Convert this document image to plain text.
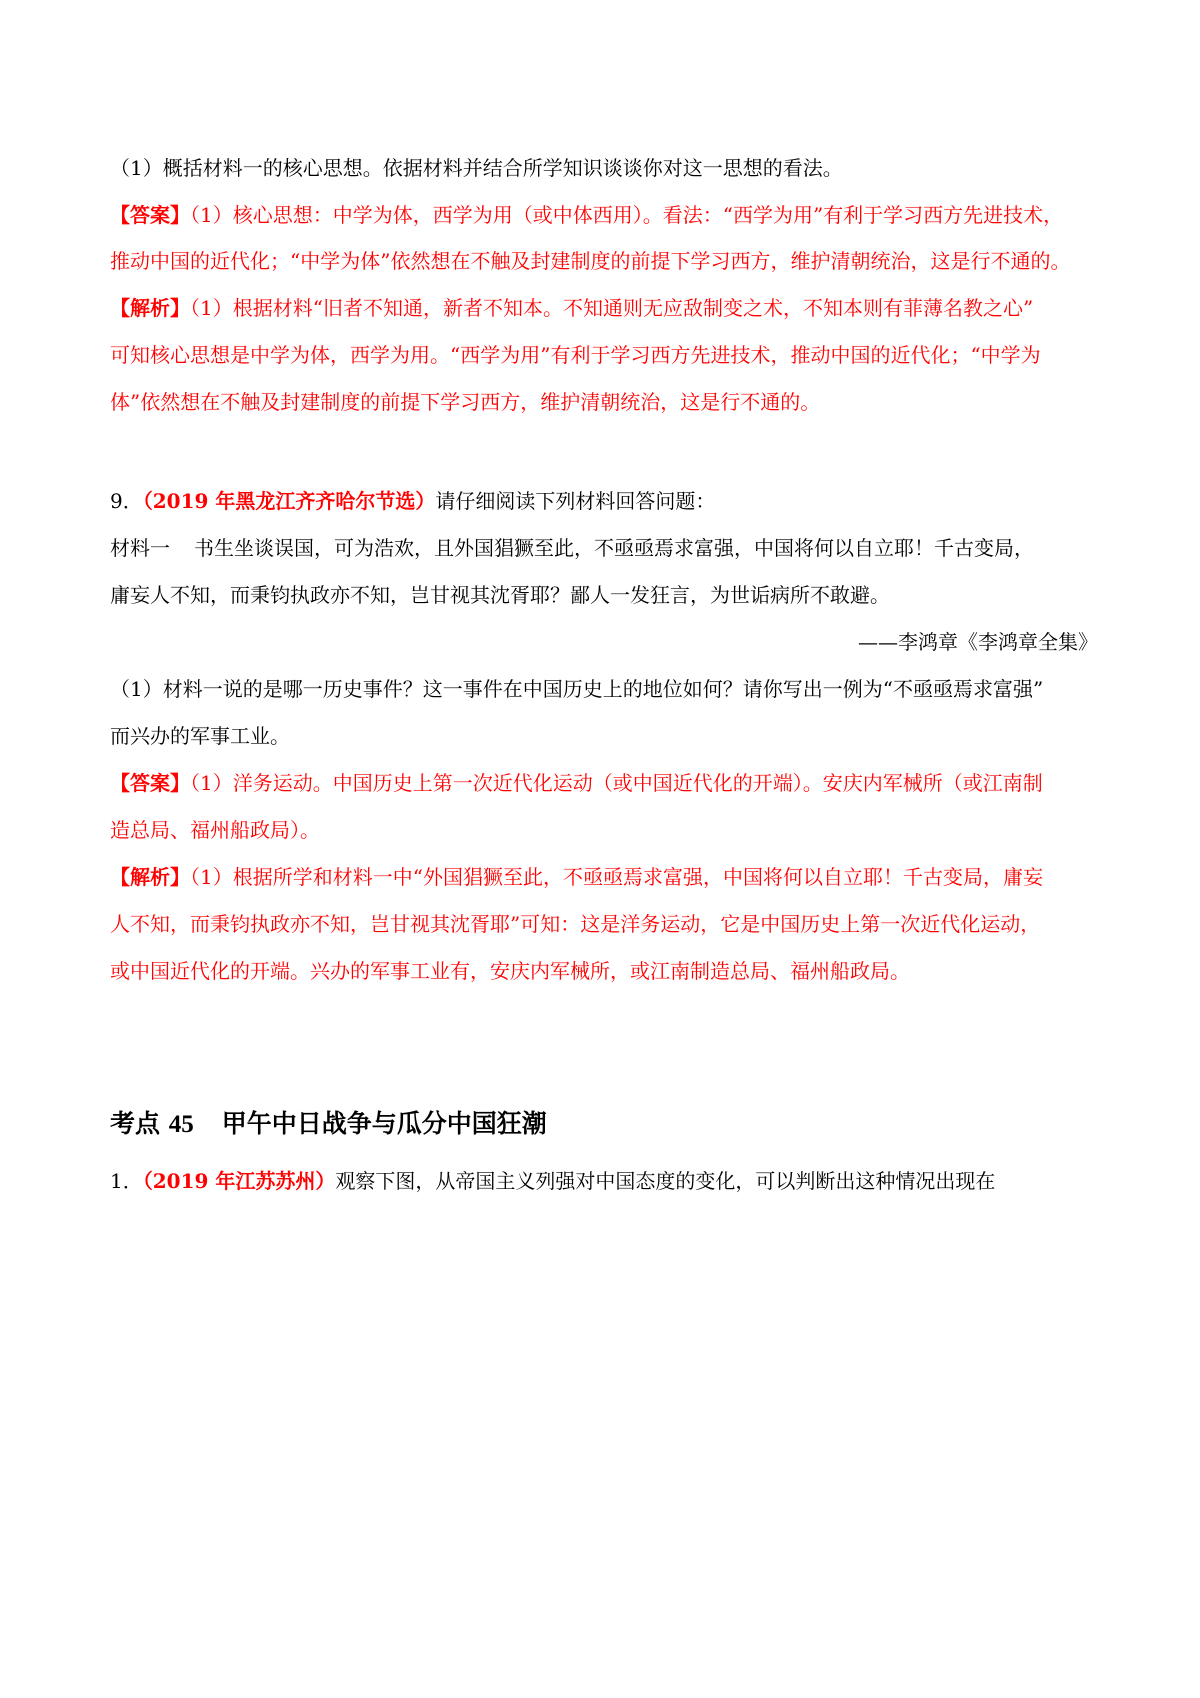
（1）概括材料一的核心思想。依据材料并结合所学知识谈谈你对这一思想的看法。
【答案】（1）核心思想：中学为体，西学为用（或中体西用）。看法：“西学为用”有利于学习西方先进技术，
推动中国的近代化；“中学为体”依然想在不触及封建制度的前提下学习西方，维护清朝统治，这是行不通的。
【解析】（1）根据材料“旧者不知通，新者不知本。不知通则无应敌制变之术，不知本则有菲薄名教之心”
可知核心思想是中学为体，西学为用。“西学为用”有利于学习西方先进技术，推动中国的近代化；“中学为
体”依然想在不触及封建制度的前提下学习西方，维护清朝统治，这是行不通的。
9．（2019 年黑龙江齐齐哈尔节选）请仔细阅读下列材料回答问题：
材料一 书生坐谈误国，可为浩欢，且外国猖獗至此，不亟亟焉求富强，中国将何以自立耶！千古变局，
庸妄人不知，而秉钧执政亦不知，岂甘视其沈胥耶？鄙人一发狂言，为世诟病所不敢避。
——李鸿章《李鸿章全集》
（1）材料一说的是哪一历史事件？这一事件在中国历史上的地位如何？请你写出一例为“不亟亟焉求富强”
而兴办的军事工业。
【答案】（1）洋务运动。中国历史上第一次近代化运动（或中国近代化的开端）。安庆内军械所（或江南制
造总局、福州船政局）。
【解析】（1）根据所学和材料一中“外国猖獗至此，不亟亟焉求富强，中国将何以自立耶！千古变局，庸妄
人不知，而秉钧执政亦不知，岂甘视其沈胥耶”可知：这是洋务运动，它是中国历史上第一次近代化运动，
或中国近代化的开端。兴办的军事工业有，安庆内军械所，或江南制造总局、福州船政局。
考点 45 甲午中日战争与瓜分中国狂潮
1．（2019 年江苏苏州）观察下图，从帝国主义列强对中国态度的变化，可以判断出这种情况出现在
